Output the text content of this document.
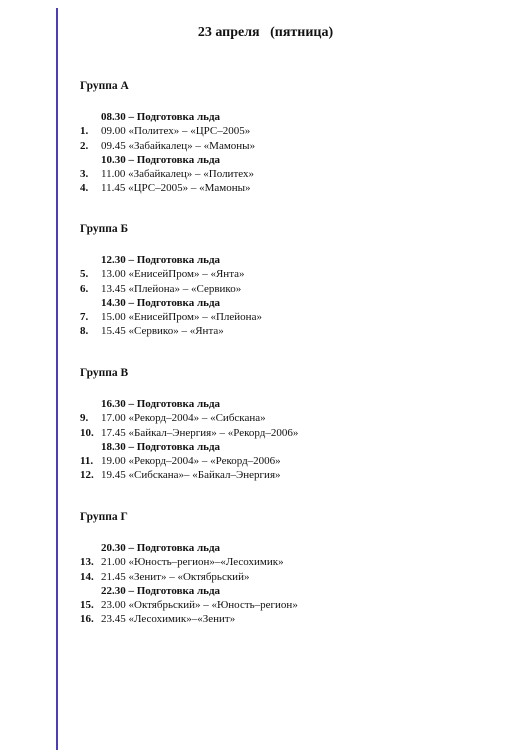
23 апреля   (пятница)
Группа А
08.30 – Подготовка льда
1. 09.00 «Политех» – «ЦРС–2005»
2. 09.45 «Забайкалец» – «Мамоны»
10.30 – Подготовка льда
3. 11.00 «Забайкалец» – «Политех»
4. 11.45 «ЦРС–2005» – «Мамоны»
Группа Б
12.30 – Подготовка льда
5. 13.00 «ЕнисейПром» – «Янта»
6. 13.45 «Плейона» – «Сервико»
14.30 – Подготовка льда
7. 15.00 «ЕнисейПром» – «Плейона»
8. 15.45 «Сервико» – «Янта»
Группа В
16.30 – Подготовка льда
9. 17.00 «Рекорд–2004» – «Сибскана»
10. 17.45 «Байкал–Энергия» – «Рекорд–2006»
18.30 – Подготовка льда
11. 19.00 «Рекорд–2004» – «Рекорд–2006»
12. 19.45 «Сибскана»– «Байкал–Энергия»
Группа Г
20.30 – Подготовка льда
13. 21.00 «Юность–регион»–«Лесохимик»
14. 21.45 «Зенит» – «Октябрьский»
22.30 – Подготовка льда
15. 23.00 «Октябрьский» – «Юность–регион»
16. 23.45 «Лесохимик»–«Зенит»
